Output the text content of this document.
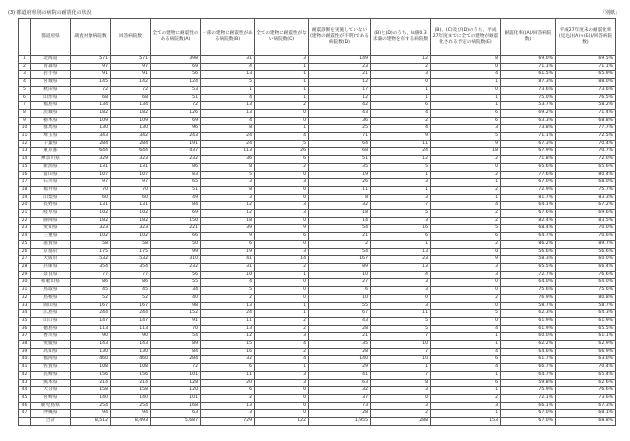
(3) 都道府県別の病院の耐震化の状況	「別紙」
	都道府県	調査対象病院数	回答病院数	全ての建物に耐震性のある病院数(A)	一部の建物に耐震性がある病院数(B)	全ての建物に耐震性がない病院数(C)	耐震診断を実施していない(建物の耐震性が不明)である病院数(D)	(B)と(D)のうち、Is値0.3未満の建物を有する病院数	(B)、(C)及び(D)のうち、平成27年度までに全ての建物が耐震化される予定の病院数(E)	耐震化率((A)/回答病院数)	平成27年度末の耐震化率(見込)((A)+(E))/回答病院数)
1	北海道	571	571	398	31	3	149	12	8	69.0%	69.5%
2	青森県	97	97	69	4	1	23	2	0	71.1%	71.1%
3	岩手県	91	91	56	13	1	21	3	4	61.5%	65.9%
4	宮城県	145	142	124	5	1	12	0	1	87.3%	88.0%
5	秋田県	72	72	53	1	1	17	1	0	73.6%	73.6%
6	山形県	68	68	51	4	1	12	1	1	75.0%	76.5%
7	福島県	134	134	72	13	2	42	6	1	53.7%	58.2%
8	茨城県	182	182	126	13	0	43	4	6	69.2%	71.4%
9	栃木県	109	109	69	4	0	36	2	6	63.3%	68.8%
10	群馬県	130	130	96	8	1	25	4	3	73.8%	77.7%
11	埼玉県	343	342	243	24	4	71	9	5	71.1%	72.5%
12	千葉県	284	284	191	24	5	64	11	9	67.3%	70.4%
13	東京都	644	644	437	113	26	68	24	18	67.9%	70.7%
14	神奈川県	329	323	232	36	6	51	12	2	71.8%	72.0%
15	新潟県	131	131	86	8	2	35	5	0	65.6%	65.6%
16	富山県	107	107	83	5	0	19	1	2	77.6%	80.4%
17	石川県	97	97	65	3	3	26	3	1	67.0%	68.0%
18	福井県	70	70	51	8	0	11	1	2	72.9%	75.7%
19	山梨県	60	60	49	3	0	8	3	1	81.7%	83.3%
20	長野県	131	131	84	12	3	32	7	4	64.1%	67.2%
21	岐阜県	102	102	69	12	3	18	5	2	67.6%	69.6%
22	静岡県	182	182	150	18	0	14	3	2	82.4%	83.5%
23	愛知県	323	323	221	39	9	54	16	5	68.4%	70.0%
24	三重県	102	102	66	9	6	21	6	6	64.7%	70.6%
25	滋賀県	58	58	50	6	0	2	1	2	86.2%	89.7%
26	京都府	175	175	99	19	3	54	13	0	56.6%	56.6%
27	大阪府	532	532	310	41	14	167	23	9	58.3%	60.0%
28	兵庫県	354	354	232	31	2	89	13	3	65.5%	66.4%
29	奈良県	77	77	56	10	1	10	4	3	72.7%	76.6%
30	和歌山県	86	86	55	4	0	27	3	0	64.0%	64.0%
31	鳥取県	45	45	34	5	0	6	3	0	75.6%	75.6%
32	島根県	52	52	40	2	0	10	0	2	76.9%	80.8%
33	岡山県	167	167	98	13	1	55	3	0	58.7%	58.7%
34	広島県	244	244	152	24	1	67	11	5	62.3%	64.3%
35	山口県	147	147	91	11	2	43	5	0	61.9%	61.9%
36	徳島県	113	113	70	13	2	28	5	4	61.9%	65.5%
37	香川県	90	90	54	12	3	21	7	1	60.0%	61.1%
38	愛媛県	143	143	89	15	4	35	10	1	62.2%	62.9%
39	高知県	130	130	84	16	2	28	7	4	64.6%	66.9%
40	福岡県	460	460	284	32	4	140	10	6	61.7%	63.0%
41	佐賀県	108	108	72	6	1	29	1	4	66.7%	70.4%
42	長崎県	156	156	101	11	3	41	7	1	64.7%	65.4%
43	熊本県	214	214	128	20	3	63	8	6	59.8%	62.6%
44	大分県	158	158	120	6	0	32	3	1	75.9%	76.6%
45	宮崎県	140	140	101	2	0	37	0	2	72.1%	73.6%
46	鹿児島県	254	254	168	13	0	73	3	3	66.1%	67.3%
47	沖縄県	94	94	63	3	0	28	2	1	67.0%	68.1%
	合計	8,512	8,493	5,687	729	122	1,955	288	153	67.0%	68.8%
